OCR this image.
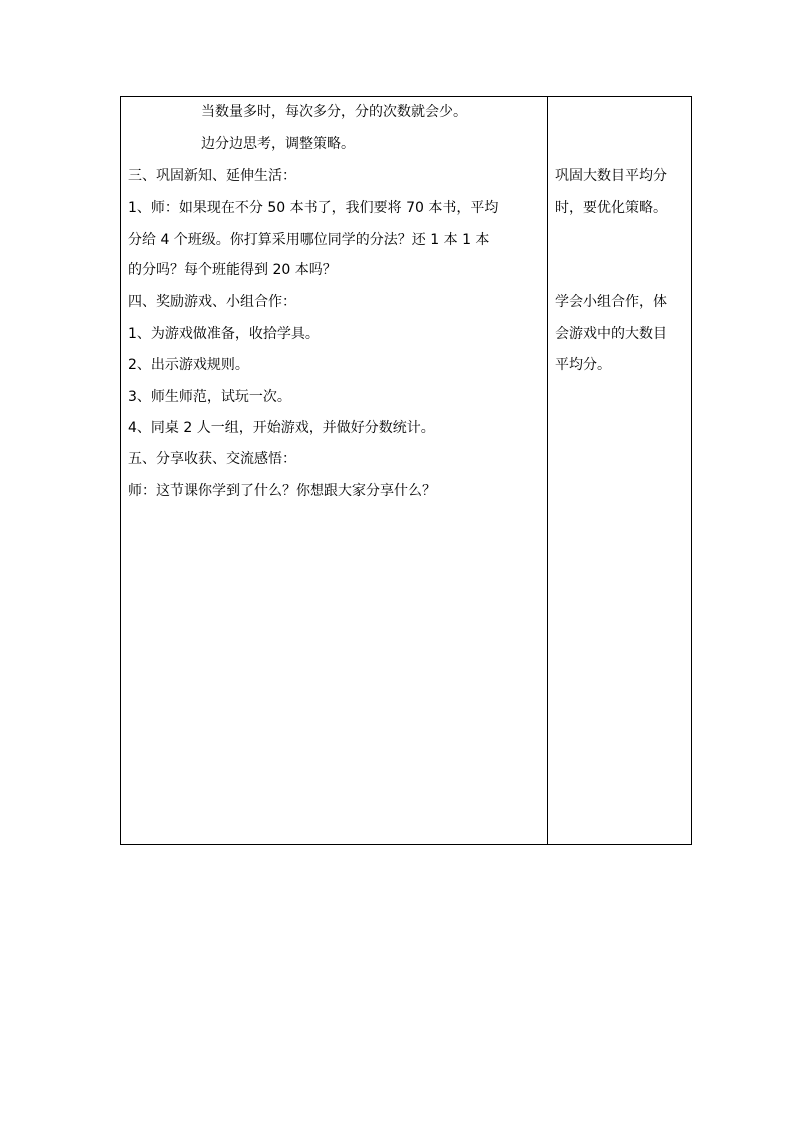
当数量多时，每次多分，分的次数就会少。
边分边思考，调整策略。
三、巩固新知、延伸生活：
1、师：如果现在不分 50 本书了，我们要将 70 本书，平均
分给 4 个班级。你打算采用哪位同学的分法？还 1 本 1 本
的分吗？每个班能得到 20 本吗？
四、奖励游戏、小组合作：
1、为游戏做准备，收拾学具。
2、出示游戏规则。
3、师生师范，试玩一次。
4、同桌 2 人一组，开始游戏，并做好分数统计。
五、分享收获、交流感悟：
师：这节课你学到了什么？你想跟大家分享什么？
巩固大数目平均分
时，要优化策略。
学会小组合作，体
会游戏中的大数目
平均分。
